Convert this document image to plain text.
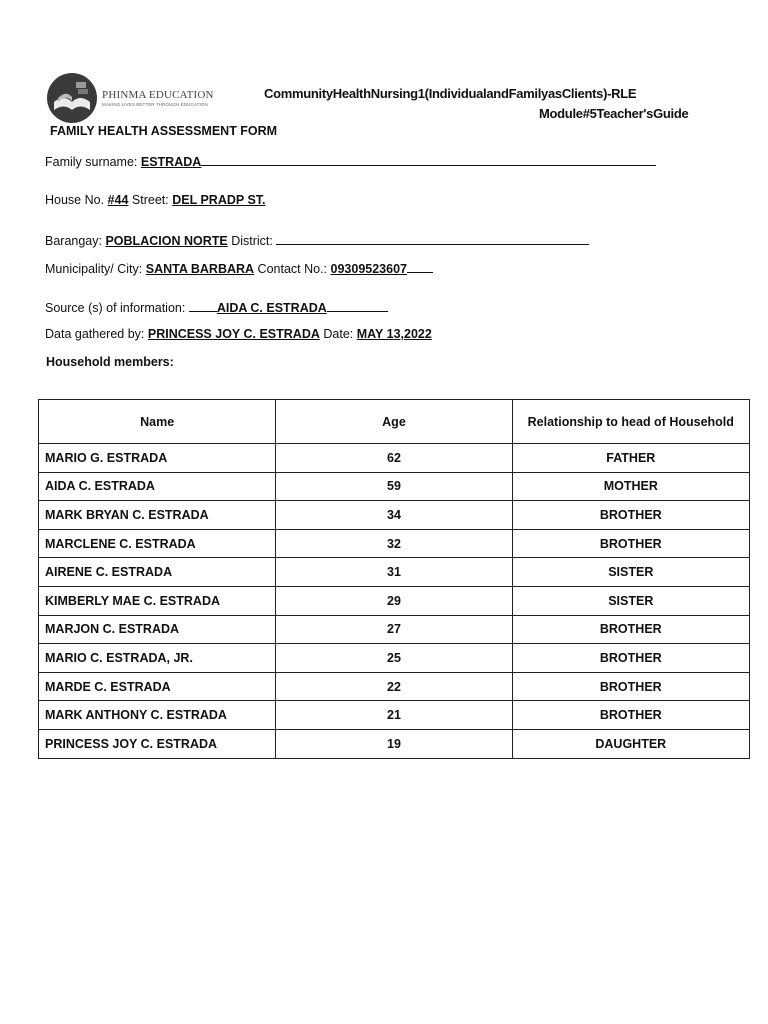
PHINMA EDUCATION
MAKING LIVES BETTER THROUGH EDUCATION
CommunityHealthNursing1(IndividualandFamilyasClients)-RLE
Module#5Teacher'sGuide
FAMILY HEALTH ASSESSMENT FORM
Family surname: ESTRADA
House No. #44 Street: DEL PRADP ST.
Barangay: POBLACION NORTE District:
Municipality/ City: SANTA BARBARA Contact No.: 09309523607
Source (s) of information:	AIDA C. ESTRADA
Data gathered by: PRINCESS JOY C. ESTRADA Date: MAY 13,2022
Household members:
Name	Age	Relationship to head of Household
MARIO G. ESTRADA	62	FATHER
AIDA C. ESTRADA	59	MOTHER
MARK BRYAN C. ESTRADA	34	BROTHER
MARCLENE C. ESTRADA	32	BROTHER
AIRENE C. ESTRADA	31	SISTER
KIMBERLY MAE C. ESTRADA	29	SISTER
MARJON C. ESTRADA	27	BROTHER
MARIO C. ESTRADA, JR.	25	BROTHER
MARDE C. ESTRADA	22	BROTHER
MARK ANTHONY C. ESTRADA	21	BROTHER
PRINCESS JOY C. ESTRADA	19	DAUGHTER
